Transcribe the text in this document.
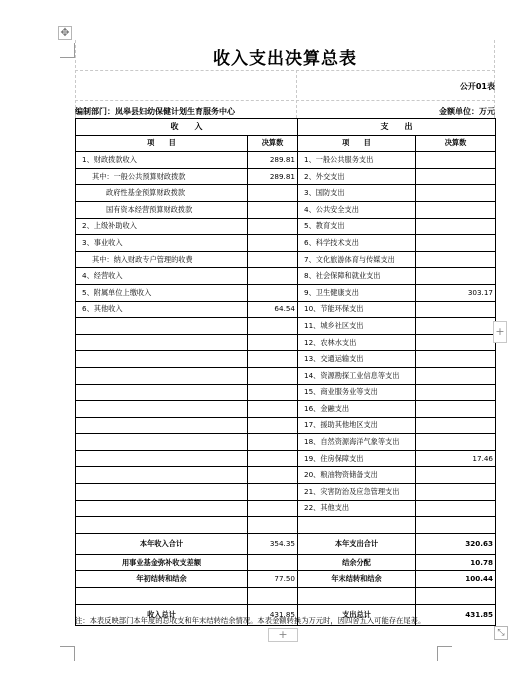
✥
收入支出决算总表
公开01表
编制部门：岚皋县妇幼保健计划生育服务中心	金额单位：万元
收　　入		支　　出	
项　　目	决算数	项　　目	决算数
1、财政拨款收入	289.81	1、一般公共服务支出	
其中：一般公共预算财政拨款	289.81	2、外交支出	
政府性基金预算财政拨款		3、国防支出	
国有资本经营预算财政拨款		4、公共安全支出	
2、上级补助收入		5、教育支出	
3、事业收入		6、科学技术支出	
其中：纳入财政专户管理的收费		7、文化旅游体育与传媒支出	
4、经营收入		8、社会保障和就业支出	
5、附属单位上缴收入		9、卫生健康支出	303.17
6、其他收入	64.54	10、节能环保支出	
		11、城乡社区支出	
		12、农林水支出	
		13、交通运输支出	
		14、资源勘探工业信息等支出	
		15、商业服务业等支出	
		16、金融支出	
		17、援助其他地区支出	
		18、自然资源海洋气象等支出	
		19、住房保障支出	17.46
		20、粮油物资储备支出	
		21、灾害防治及应急管理支出	
		22、其他支出	

本年收入合计	354.35	本年支出合计	320.63
用事业基金弥补收支差额		结余分配	10.78
年初结转和结余	77.50	年末结转和结余	100.44

收入总计	431.85	支出总计	431.85
+
注：本表反映部门本年度的总收支和年末结转结余情况。本表金额转换为万元时，因四舍五入可能存在尾差。
+	⤡
